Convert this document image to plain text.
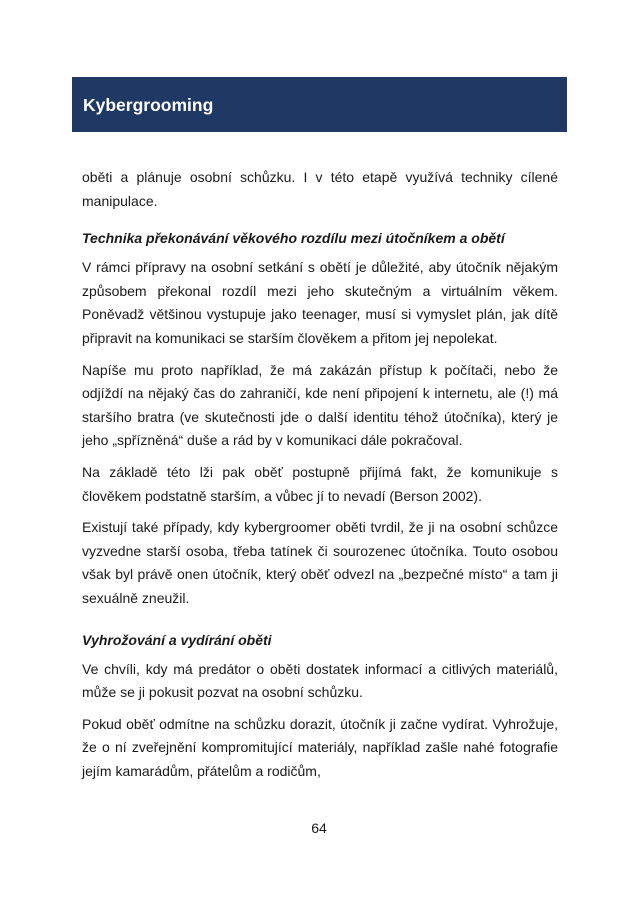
Kybergrooming

oběti a plánuje osobní schůzku. I v této etapě využívá techniky cílené manipulace.

Technika překonávání věkového rozdílu mezi útočníkem a obětí

V rámci přípravy na osobní setkání s obětí je důležité, aby útočník nějakým způsobem překonal rozdíl mezi jeho skutečným a virtuálním věkem. Poněvadž většinou vystupuje jako teenager, musí si vymyslet plán, jak dítě připravit na komunikaci se starším člověkem a přitom jej nepolekat.

Napíše mu proto například, že má zakázán přístup k počítači, nebo že odjíždí na nějaký čas do zahraničí, kde není připojení k internetu, ale (!) má staršího bratra (ve skutečnosti jde o další identitu téhož útočníka), který je jeho „spřízněná“ duše a rád by v komunikaci dále pokračoval.

Na základě této lži pak oběť postupně přijímá fakt, že komunikuje s člověkem podstatně starším, a vůbec jí to nevadí (Berson 2002).

Existují také případy, kdy kybergroomer oběti tvrdil, že ji na osobní schůzce vyzvedne starší osoba, třeba tatínek či sourozenec útočníka. Touto osobou však byl právě onen útočník, který oběť odvezl na „bezpečné místo“ a tam ji sexuálně zneužil.

Vyhrožování a vydírání oběti

Ve chvíli, kdy má predátor o oběti dostatek informací a citlivých materiálů, může se ji pokusit pozvat na osobní schůzku.

Pokud oběť odmítne na schůzku dorazit, útočník ji začne vydírat. Vyhrožuje, že o ní zveřejnění kompromitující materiály, například zašle nahé fotografie jejím kamarádům, přátelům a rodičům,

64
